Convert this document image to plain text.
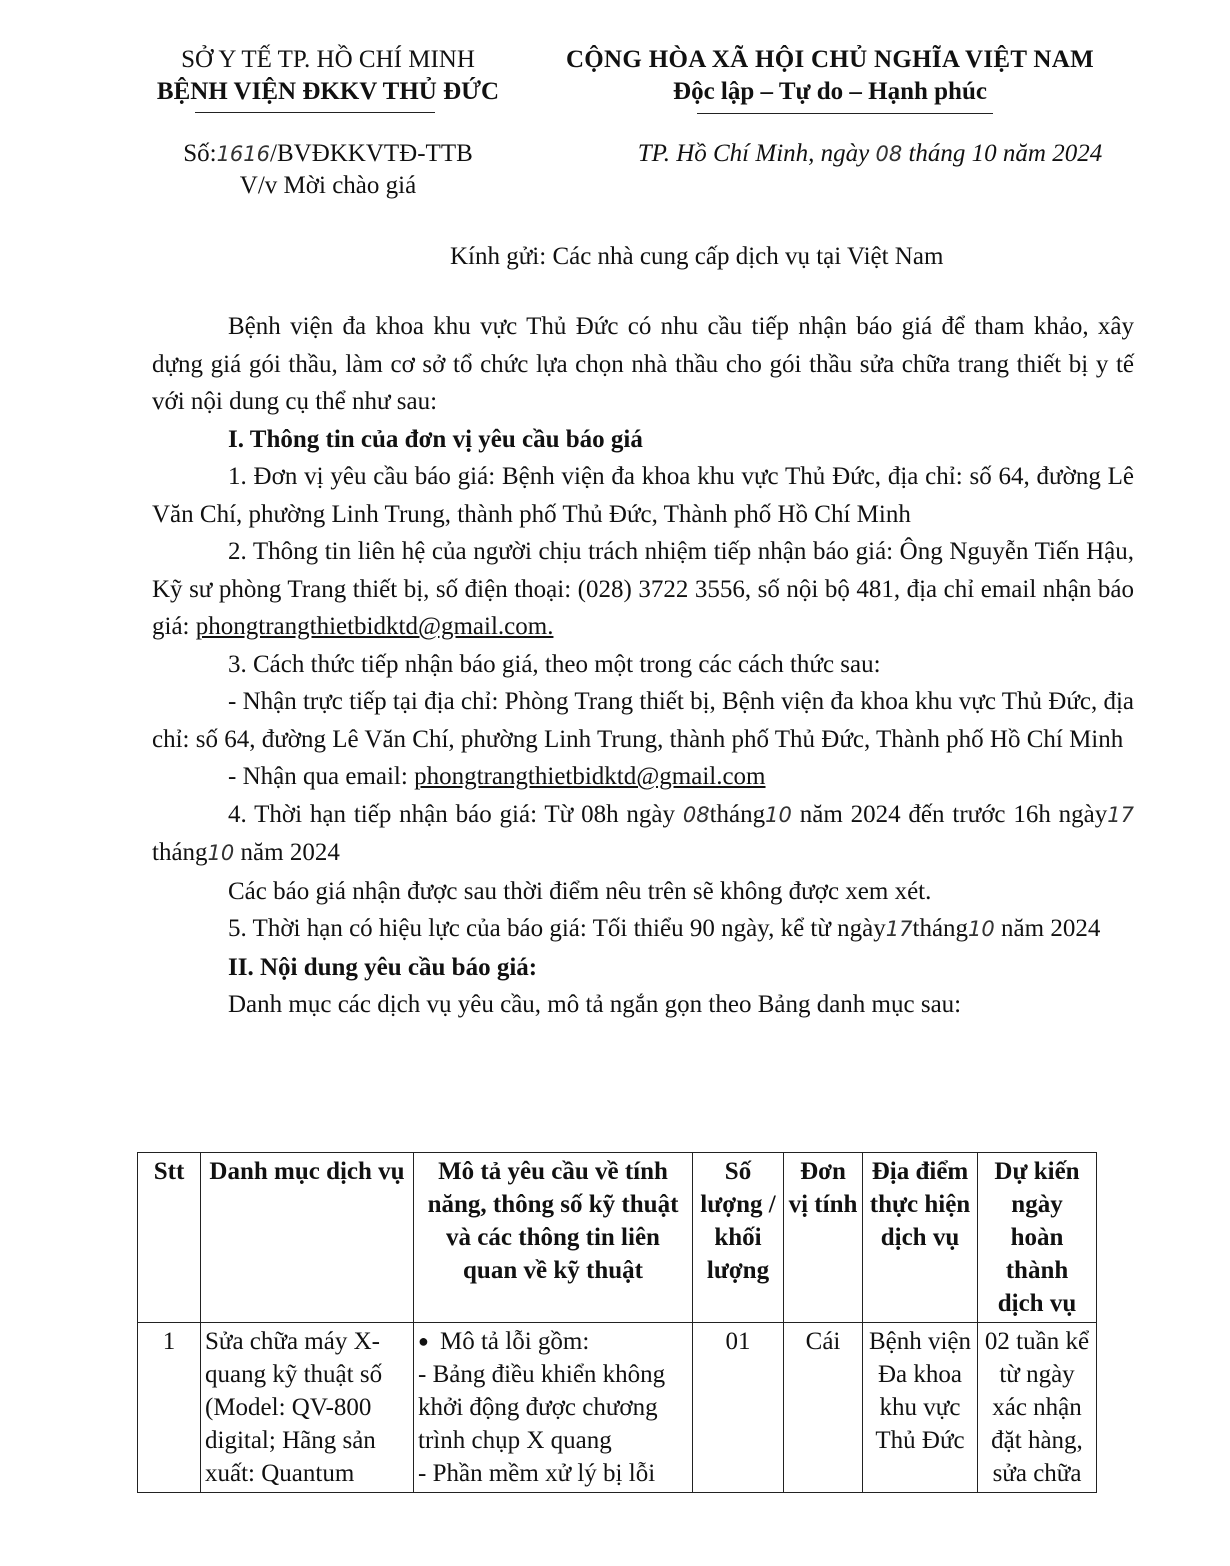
SỞ Y TẾ TP. HỒ CHÍ MINH
BỆNH VIỆN ĐKKV THỦ ĐỨC
CỘNG HÒA XÃ HỘI CHỦ NGHĨA VIỆT NAM
Độc lập – Tự do – Hạnh phúc
Số:1616/BVĐKKVTĐ-TTB
V/v Mời chào giá
TP. Hồ Chí Minh, ngày 08 tháng 10 năm 2024
Kính gửi: Các nhà cung cấp dịch vụ tại Việt Nam

Bệnh viện đa khoa khu vực Thủ Đức có nhu cầu tiếp nhận báo giá để tham khảo, xây dựng giá gói thầu, làm cơ sở tổ chức lựa chọn nhà thầu cho gói thầu sửa chữa trang thiết bị y tế với nội dung cụ thể như sau:

I. Thông tin của đơn vị yêu cầu báo giá

1. Đơn vị yêu cầu báo giá: Bệnh viện đa khoa khu vực Thủ Đức, địa chỉ: số 64, đường Lê Văn Chí, phường Linh Trung, thành phố Thủ Đức, Thành phố Hồ Chí Minh

2. Thông tin liên hệ của người chịu trách nhiệm tiếp nhận báo giá: Ông Nguyễn Tiến Hậu, Kỹ sư phòng Trang thiết bị, số điện thoại: (028) 3722 3556, số nội bộ 481, địa chỉ email nhận báo giá: phongtrangthietbidktd@gmail.com.

3. Cách thức tiếp nhận báo giá, theo một trong các cách thức sau:

- Nhận trực tiếp tại địa chỉ: Phòng Trang thiết bị, Bệnh viện đa khoa khu vực Thủ Đức, địa chỉ: số 64, đường Lê Văn Chí, phường Linh Trung, thành phố Thủ Đức, Thành phố Hồ Chí Minh

- Nhận qua email: phongtrangthietbidktd@gmail.com

4. Thời hạn tiếp nhận báo giá: Từ 08h ngày 08tháng10 năm 2024 đến trước 16h ngày17 tháng10 năm 2024

Các báo giá nhận được sau thời điểm nêu trên sẽ không được xem xét.

5. Thời hạn có hiệu lực của báo giá: Tối thiểu 90 ngày, kể từ ngày17tháng10 năm 2024

II. Nội dung yêu cầu báo giá:

Danh mục các dịch vụ yêu cầu, mô tả ngắn gọn theo Bảng danh mục sau:

Stt	Danh mục dịch vụ	Mô tả yêu cầu về tính năng, thông số kỹ thuật và các thông tin liên quan về kỹ thuật	Số lượng / khối lượng	Đơn vị tính	Địa điểm thực hiện dịch vụ	Dự kiến ngày hoàn thành dịch vụ
1	Sửa chữa máy X-quang kỹ thuật số (Model: QV-800 digital; Hãng sản xuất: Quantum	● Mô tả lỗi gồm:
- Bảng điều khiển không khởi động được chương trình chụp X quang
- Phần mềm xử lý bị lỗi	01	Cái	Bệnh viện Đa khoa khu vực Thủ Đức	02 tuần kể từ ngày xác nhận đặt hàng, sửa chữa
